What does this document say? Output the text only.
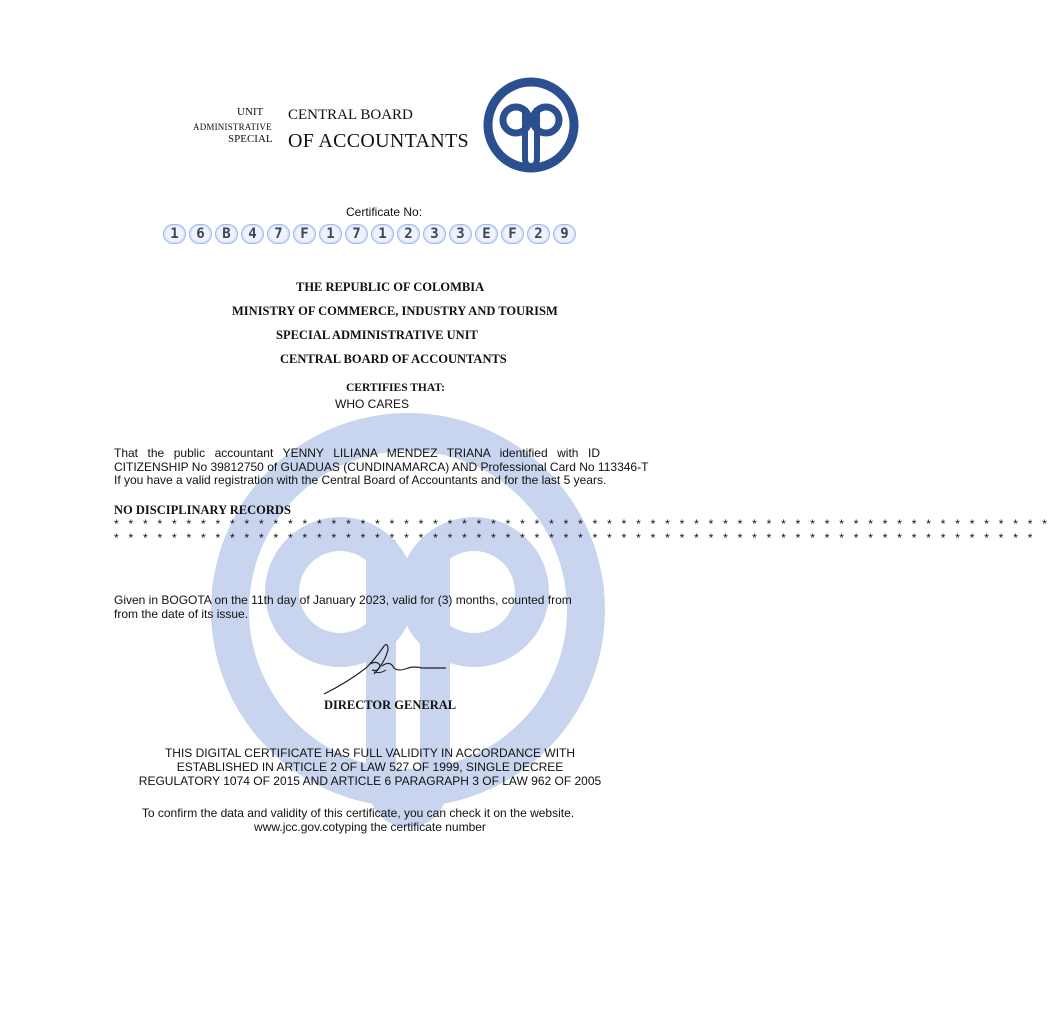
UNIT
ADMINISTRATIVE
SPECIAL
CENTRAL BOARD
OF ACCOUNTANTS
Certificate No:
1	6	B	4	7	F	1	7	1	2	3	3	E	F	2	9
THE REPUBLIC OF COLOMBIA
MINISTRY OF COMMERCE, INDUSTRY AND TOURISM
SPECIAL ADMINISTRATIVE UNIT
CENTRAL BOARD OF ACCOUNTANTS
CERTIFIES THAT:
WHO CARES
That the public accountant YENNY LILIANA MENDEZ TRIANA identified with ID
CITIZENSHIP No 39812750 of GUADUAS (CUNDINAMARCA) AND Professional Card No 113346-T
If you have a valid registration with the Central Board of Accountants and for the last 5 years.
NO DISCIPLINARY RECORDS
* * * * * * * * * * * * * * * * * * * * * * * * * * * * * * * * * * * * * * * * * * * * * * * * * * * * * * * * * * * * * * * * *
* * * * * * * * * * * * * * * * * * * * * * * * * * * * * * * * * * * * * * * * * * * * * * * * * * * * * * * * * * * * * * * *
Given in BOGOTA on the 11th day of January 2023, valid for (3) months, counted from
from the date of its issue.
DIRECTOR GENERAL
THIS DIGITAL CERTIFICATE HAS FULL VALIDITY IN ACCORDANCE WITH
ESTABLISHED IN ARTICLE 2 OF LAW 527 OF 1999, SINGLE DECREE
REGULATORY 1074 OF 2015 AND ARTICLE 6 PARAGRAPH 3 OF LAW 962 OF 2005
To confirm the data and validity of this certificate, you can check it on the website.
www.jcc.gov.cotyping the certificate number
